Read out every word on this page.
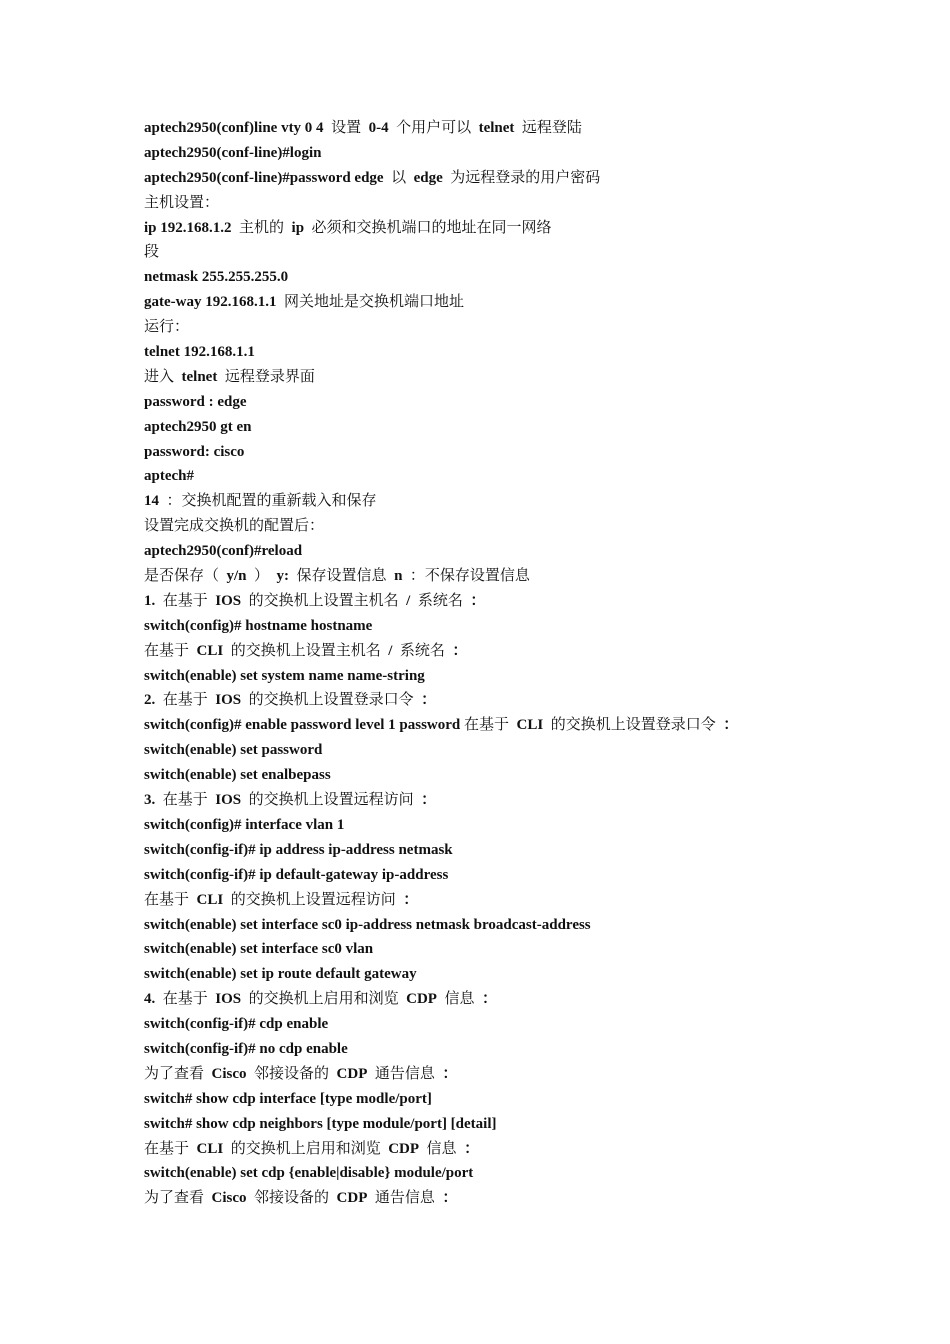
aptech2950(conf)line vty 0 4  设置  0-4  个用户可以  telnet  远程登陆
aptech2950(conf-line)#login
aptech2950(conf-line)#password edge  以  edge  为远程登录的用户密码
主机设置：
ip 192.168.1.2  主机的  ip  必须和交换机端口的地址在同一网络
段
netmask 255.255.255.0
gate-way 192.168.1.1  网关地址是交换机端口地址
运行：
telnet 192.168.1.1
进入  telnet  远程登录界面
password : edge
aptech2950 gt en
password: cisco
aptech#
14  ：交换机配置的重新载入和保存
设置完成交换机的配置后：
aptech2950(conf)#reload
是否保存（  y/n  ）  y:  保存设置信息  n  ：不保存设置信息
1.  在基于  IOS  的交换机上设置主机名  /  系统名  ：
switch(config)# hostname hostname
在基于  CLI  的交换机上设置主机名  /  系统名  ：
switch(enable) set system name name-string
2.  在基于  IOS  的交换机上设置登录口令  ：
switch(config)# enable password level 1 password 在基于  CLI  的交换机上设置登录口令  ：
switch(enable) set password
switch(enable) set enalbepass
3.  在基于  IOS  的交换机上设置远程访问  ：
switch(config)# interface vlan 1
switch(config-if)# ip address ip-address netmask
switch(config-if)# ip default-gateway ip-address
在基于  CLI  的交换机上设置远程访问  ：
switch(enable) set interface sc0 ip-address netmask broadcast-address
switch(enable) set interface sc0 vlan
switch(enable) set ip route default gateway
4.  在基于  IOS  的交换机上启用和浏览  CDP  信息  ：
switch(config-if)# cdp enable
switch(config-if)# no cdp enable
为了查看  Cisco  邻接设备的  CDP  通告信息  ：
switch# show cdp interface [type modle/port]
switch# show cdp neighbors [type module/port] [detail]
在基于  CLI  的交换机上启用和浏览  CDP  信息  ：
switch(enable) set cdp {enable|disable} module/port
为了查看  Cisco  邻接设备的  CDP  通告信息  ：
